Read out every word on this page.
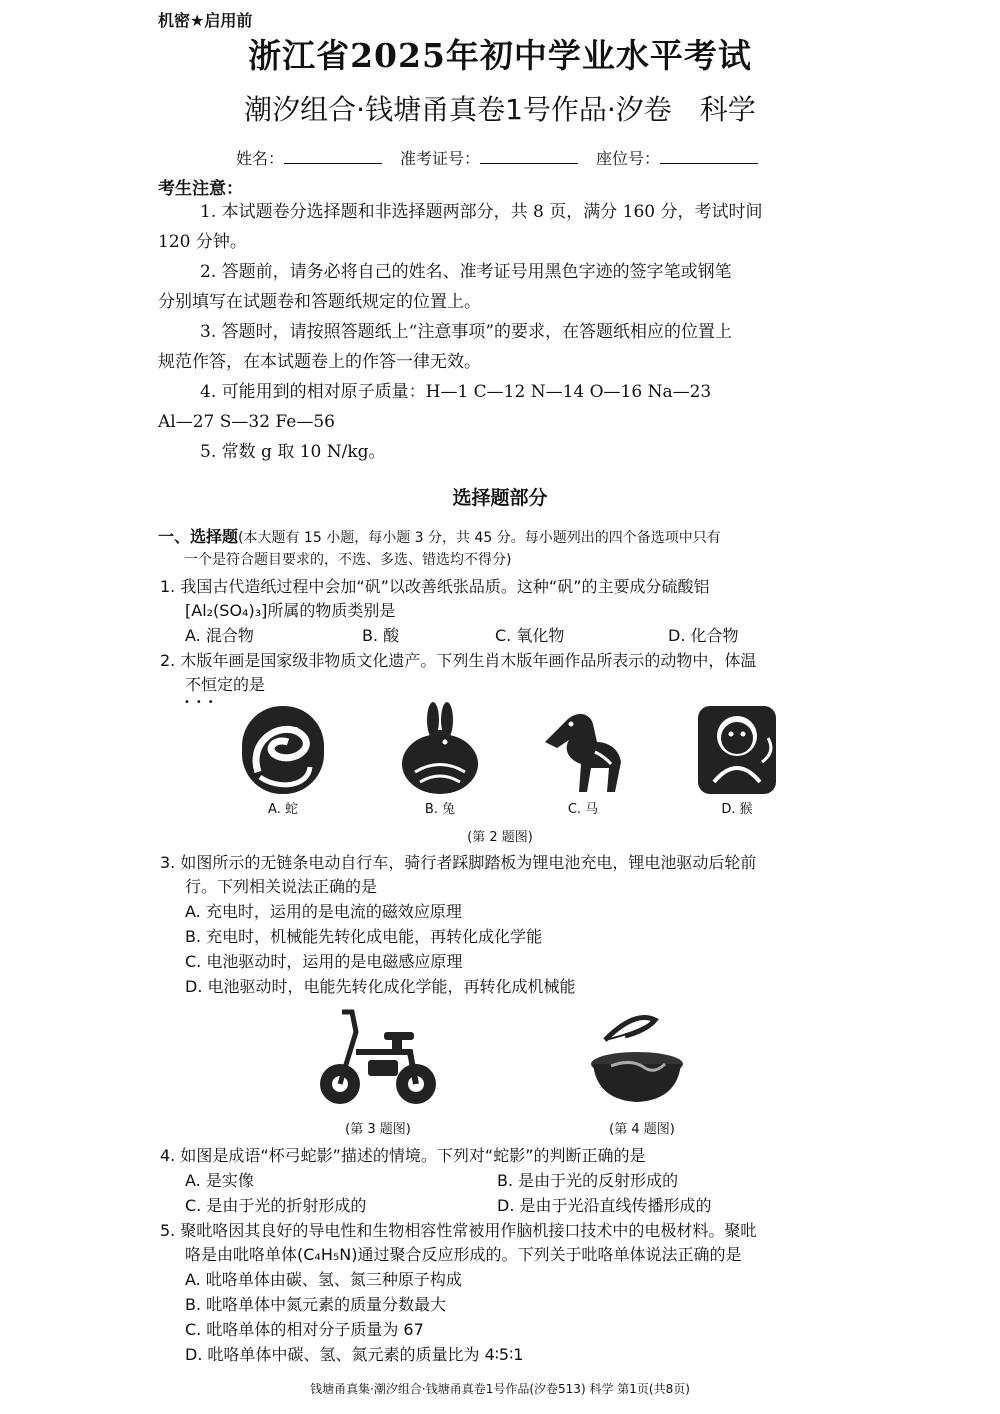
机密★启用前
浙江省2025年初中学业水平考试
潮汐组合·钱塘甬真卷1号作品·汐卷 科学
姓名：	准考证号：	座位号：
考生注意：
1. 本试题卷分选择题和非选择题两部分，共 8 页，满分 160 分，考试时间
120 分钟。
2. 答题前，请务必将自己的姓名、准考证号用黑色字迹的签字笔或钢笔
分别填写在试题卷和答题纸规定的位置上。
3. 答题时，请按照答题纸上“注意事项”的要求，在答题纸相应的位置上
规范作答，在本试题卷上的作答一律无效。
4. 可能用到的相对原子质量：H—1 C—12 N—14 O—16 Na—23
Al—27 S—32 Fe—56
5. 常数 g 取 10 N/kg。
选择题部分
一、选择题(本大题有 15 小题，每小题 3 分，共 45 分。每小题列出的四个备选项中只有
一个是符合题目要求的，不选、多选、错选均不得分)
1. 我国古代造纸过程中会加“矾”以改善纸张品质。这种“矾”的主要成分硫酸铝
[Al₂(SO₄)₃]所属的物质类别是
A. 混合物	B. 酸	C. 氧化物	D. 化合物
2. 木版年画是国家级非物质文化遗产。下列生肖木版年画作品所表示的动物中，体温
不恒定的是
•••
A. 蛇	B. 兔	C. 马	D. 猴
(第 2 题图)
3. 如图所示的无链条电动自行车，骑行者踩脚踏板为锂电池充电，锂电池驱动后轮前
行。下列相关说法正确的是
A. 充电时，运用的是电流的磁效应原理
B. 充电时，机械能先转化成电能，再转化成化学能
C. 电池驱动时，运用的是电磁感应原理
D. 电池驱动时，电能先转化成化学能，再转化成机械能
(第 3 题图)	(第 4 题图)
4. 如图是成语“杯弓蛇影”描述的情境。下列对“蛇影”的判断正确的是
A. 是实像	B. 是由于光的反射形成的
C. 是由于光的折射形成的	D. 是由于光沿直线传播形成的
5. 聚吡咯因其良好的导电性和生物相容性常被用作脑机接口技术中的电极材料。聚吡
咯是由吡咯单体(C₄H₅N)通过聚合反应形成的。下列关于吡咯单体说法正确的是
A. 吡咯单体由碳、氢、氮三种原子构成
B. 吡咯单体中氮元素的质量分数最大
C. 吡咯单体的相对分子质量为 67
D. 吡咯单体中碳、氢、氮元素的质量比为 4∶5∶1
钱塘甬真集·潮汐组合·钱塘甬真卷1号作品(汐卷513) 科学 第1页(共8页)
